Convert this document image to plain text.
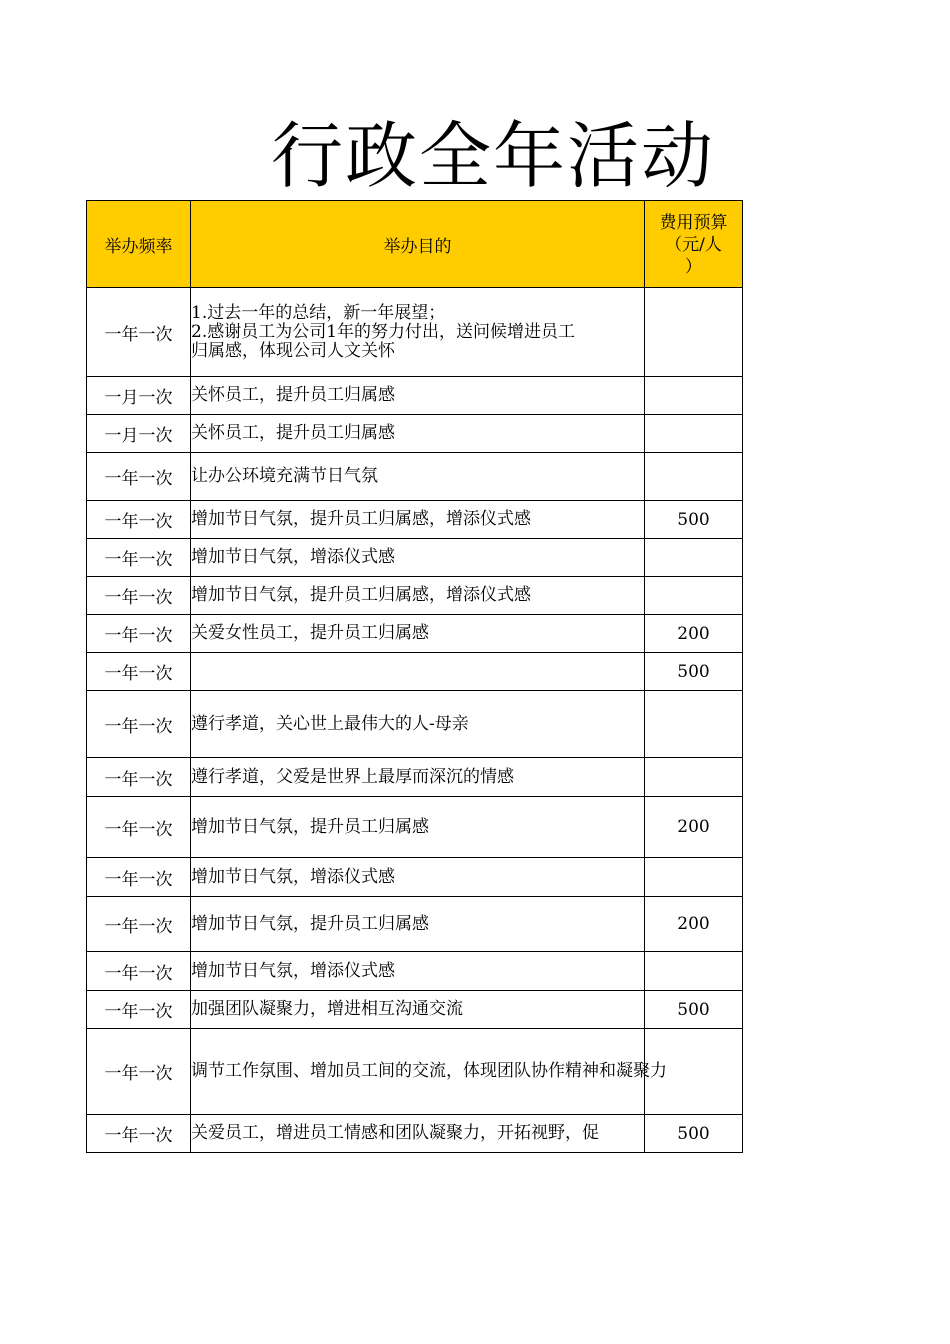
行政全年活动
举办频率	举办目的	费用预算
（元/人
）

一年一次	1.过去一年的总结，新一年展望；
2.感谢员工为公司1年的努力付出，送问候增进员工
归属感，体现公司人文关怀	

一月一次	关怀员工，提升员工归属感	
一月一次	关怀员工，提升员工归属感	
一年一次	让办公环境充满节日气氛	
一年一次	增加节日气氛，提升员工归属感，增添仪式感	500
一年一次	增加节日气氛，增添仪式感	
一年一次	增加节日气氛，提升员工归属感，增添仪式感	
一年一次	关爱女性员工，提升员工归属感	200
一年一次		500
一年一次	遵行孝道，关心世上最伟大的人-母亲	
一年一次	遵行孝道，父爱是世界上最厚而深沉的情感	
一年一次	增加节日气氛，提升员工归属感	200
一年一次	增加节日气氛，增添仪式感	
一年一次	增加节日气氛，提升员工归属感	200
一年一次	增加节日气氛，增添仪式感	
一年一次	加强团队凝聚力，增进相互沟通交流	500
一年一次	调节工作氛围、增加员工间的交流，体现团队协作精神和凝聚力	
一年一次	关爱员工，增进员工情感和团队凝聚力，开拓视野，促	500
